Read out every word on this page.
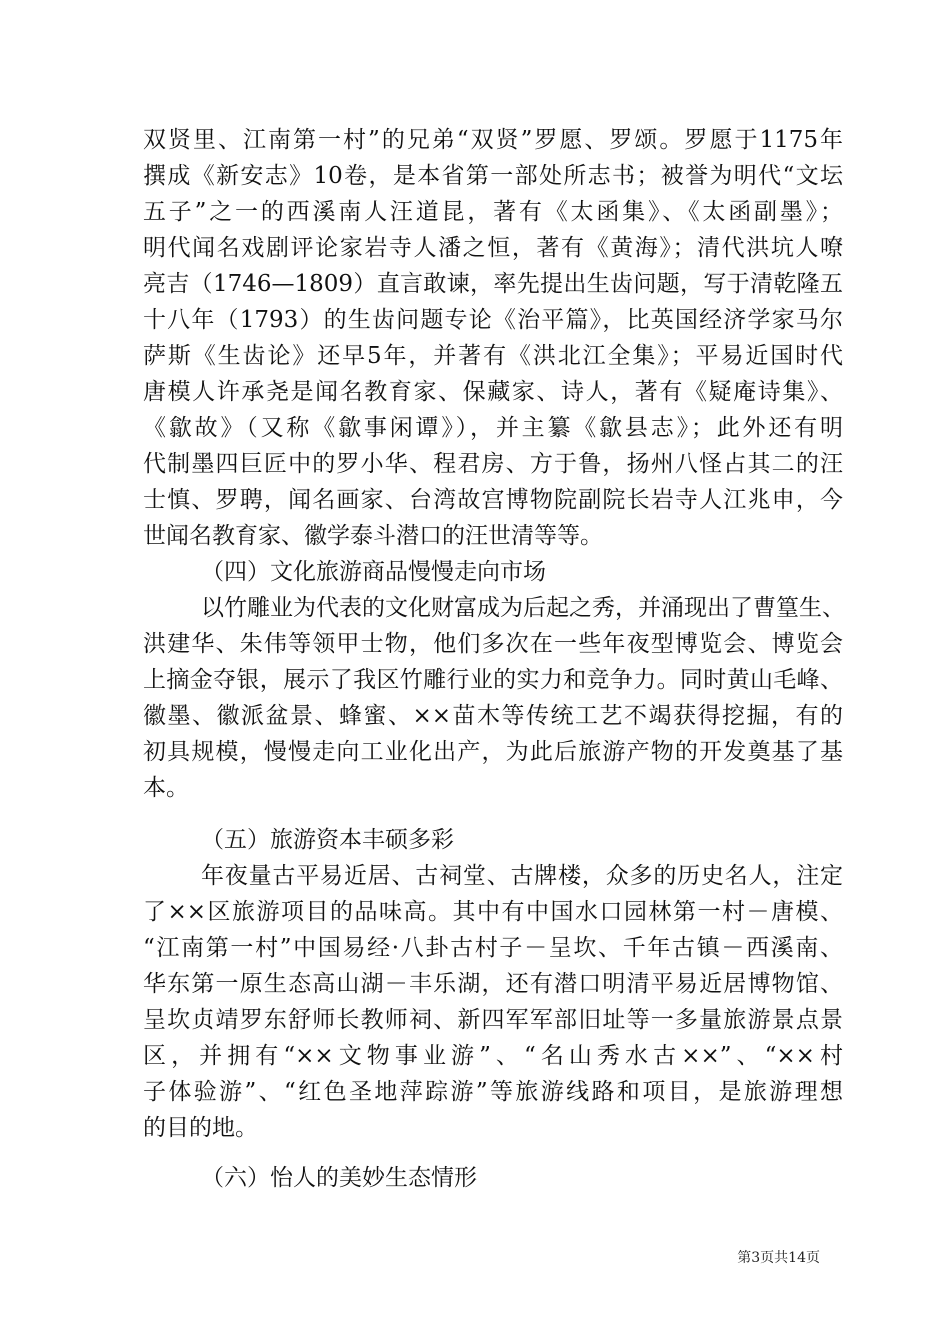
双贤里、江南第一村”的兄弟“双贤”罗愿、罗颂。罗愿于1175年
撰成《新安志》10卷，是本省第一部处所志书；被誉为明代“文坛
五子”之一的西溪南人汪道昆，著有《太函集》、《太函副墨》；
明代闻名戏剧评论家岩寺人潘之恒，著有《黄海》；清代洪坑人嘹
亮吉（1746—1809）直言敢谏，率先提出生齿问题，写于清乾隆五
十八年（1793）的生齿问题专论《治平篇》，比英国经济学家马尔
萨斯《生齿论》还早5年，并著有《洪北江全集》；平易近国时代
唐模人许承尧是闻名教育家、保藏家、诗人，著有《疑庵诗集》、
《歙故》（又称《歙事闲谭》），并主纂《歙县志》；此外还有明
代制墨四巨匠中的罗小华、程君房、方于鲁，扬州八怪占其二的汪
士慎、罗聘，闻名画家、台湾故宫博物院副院长岩寺人江兆申，今
世闻名教育家、徽学泰斗潜口的汪世清等等。
（四）文化旅游商品慢慢走向市场
以竹雕业为代表的文化财富成为后起之秀，并涌现出了曹篁生、
洪建华、朱伟等领甲士物，他们多次在一些年夜型博览会、博览会
上摘金夺银，展示了我区竹雕行业的实力和竞争力。同时黄山毛峰、
徽墨、徽派盆景、蜂蜜、××苗木等传统工艺不竭获得挖掘，有的
初具规模，慢慢走向工业化出产，为此后旅游产物的开发奠基了基
本。
（五）旅游资本丰硕多彩
年夜量古平易近居、古祠堂、古牌楼，众多的历史名人，注定
了××区旅游项目的品味高。其中有中国水口园林第一村－唐模、
“江南第一村”中国易经·八卦古村子－呈坎、千年古镇－西溪南、
华东第一原生态高山湖－丰乐湖，还有潜口明清平易近居博物馆、
呈坎贞靖罗东舒师长教师祠、新四军军部旧址等一多量旅游景点景
区，并拥有“××文物事业游”、“名山秀水古××”、“××村
子体验游”、“红色圣地萍踪游”等旅游线路和项目，是旅游理想
的目的地。
（六）怡人的美妙生态情形
第3页共14页
